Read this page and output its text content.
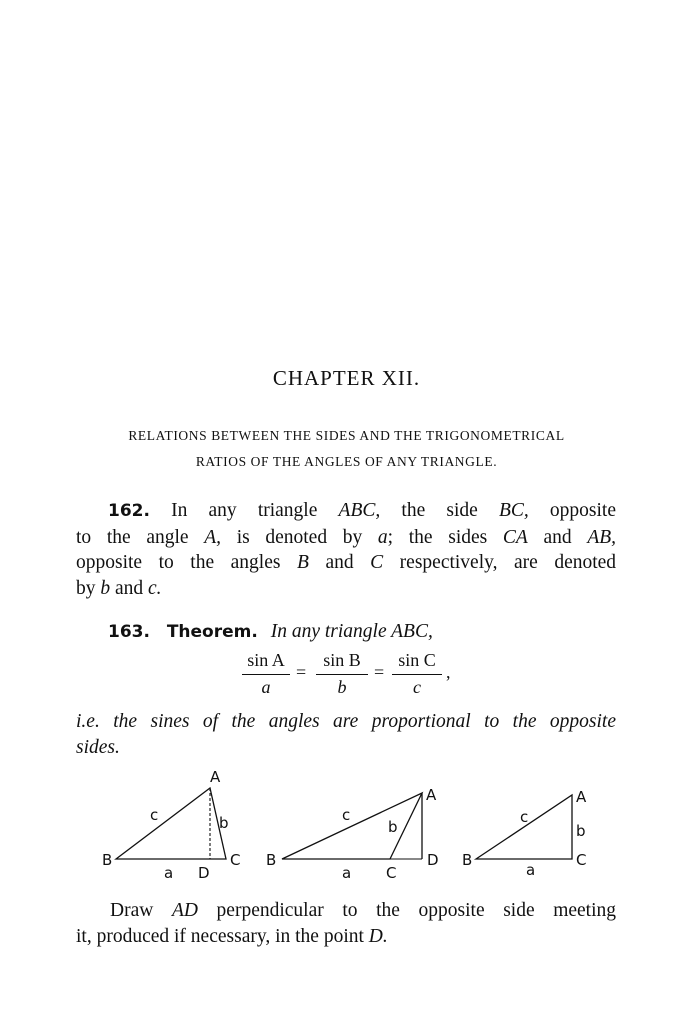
CHAPTER XII.
RELATIONS BETWEEN THE SIDES AND THE TRIGONOMETRICAL
RATIOS OF THE ANGLES OF ANY TRIANGLE.
162. In any triangle ABC, the side BC, opposite
to the angle A, is denoted by a; the sides CA and AB,
opposite to the angles B and C respectively, are denoted
by b and c.
163. Theorem. In any triangle ABC,
sin A
a
=
sin B
b
=
sin C
c
,
i.e. the sines of the angles are proportional to the opposite
sides.
A
B	C
D
a
b
c
A
B
C
D
a
b
c
A
B	C
a
b
c
Draw AD perpendicular to the opposite side meeting
it, produced if necessary, in the point D.
